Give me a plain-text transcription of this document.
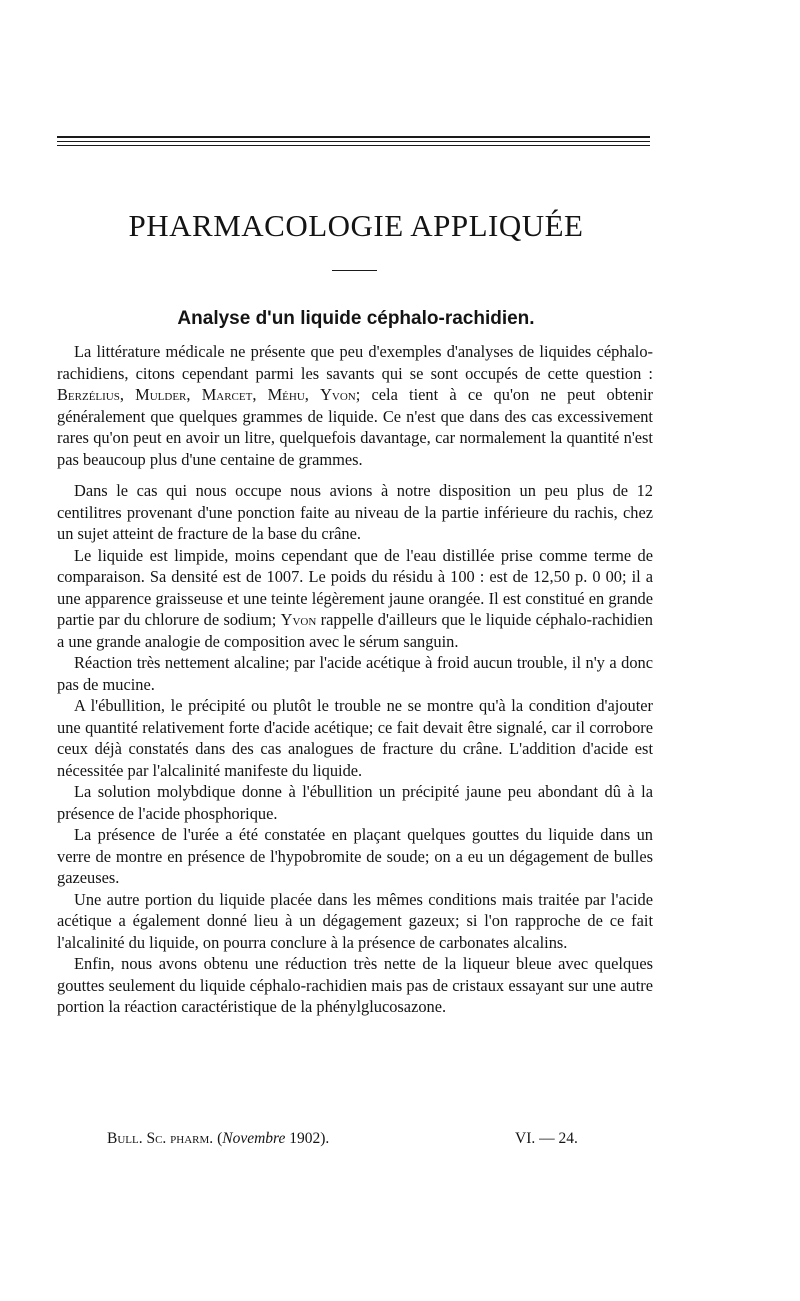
PHARMACOLOGIE APPLIQUÉE
Analyse d'un liquide céphalo-rachidien.

La littérature médicale ne présente que peu d'exemples d'analyses de liquides céphalo-rachidiens, citons cependant parmi les savants qui se sont occupés de cette question : Berzélius, Mulder, Marcet, Méhu, Yvon; cela tient à ce qu'on ne peut obtenir généralement que quelques grammes de liquide. Ce n'est que dans des cas excessivement rares qu'on peut en avoir un litre, quelquefois davantage, car normalement la quantité n'est pas beaucoup plus d'une centaine de grammes.

Dans le cas qui nous occupe nous avions à notre disposition un peu plus de 12 centilitres provenant d'une ponction faite au niveau de la partie inférieure du rachis, chez un sujet atteint de fracture de la base du crâne.

Le liquide est limpide, moins cependant que de l'eau distillée prise comme terme de comparaison. Sa densité est de 1007. Le poids du résidu à 100 : est de 12,50 p. 0 00; il a une apparence graisseuse et une teinte légèrement jaune orangée. Il est constitué en grande partie par du chlorure de sodium; Yvon rappelle d'ailleurs que le liquide céphalo-rachidien a une grande analogie de composition avec le sérum sanguin.

Réaction très nettement alcaline; par l'acide acétique à froid aucun trouble, il n'y a donc pas de mucine.

A l'ébullition, le précipité ou plutôt le trouble ne se montre qu'à la condition d'ajouter une quantité relativement forte d'acide acétique; ce fait devait être signalé, car il corrobore ceux déjà constatés dans des cas analogues de fracture du crâne. L'addition d'acide est nécessitée par l'alcalinité manifeste du liquide.

La solution molybdique donne à l'ébullition un précipité jaune peu abondant dû à la présence de l'acide phosphorique.

La présence de l'urée a été constatée en plaçant quelques gouttes du liquide dans un verre de montre en présence de l'hypobromite de soude; on a eu un dégagement de bulles gazeuses.

Une autre portion du liquide placée dans les mêmes conditions mais traitée par l'acide acétique a également donné lieu à un dégagement gazeux; si l'on rapproche de ce fait l'alcalinité du liquide, on pourra conclure à la présence de carbonates alcalins.

Enfin, nous avons obtenu une réduction très nette de la liqueur bleue avec quelques gouttes seulement du liquide céphalo-rachidien mais pas de cristaux essayant sur une autre portion la réaction caractéristique de la phénylglucosazone.

Bull. Sc. pharm. (Novembre 1902).	VI. — 24.
